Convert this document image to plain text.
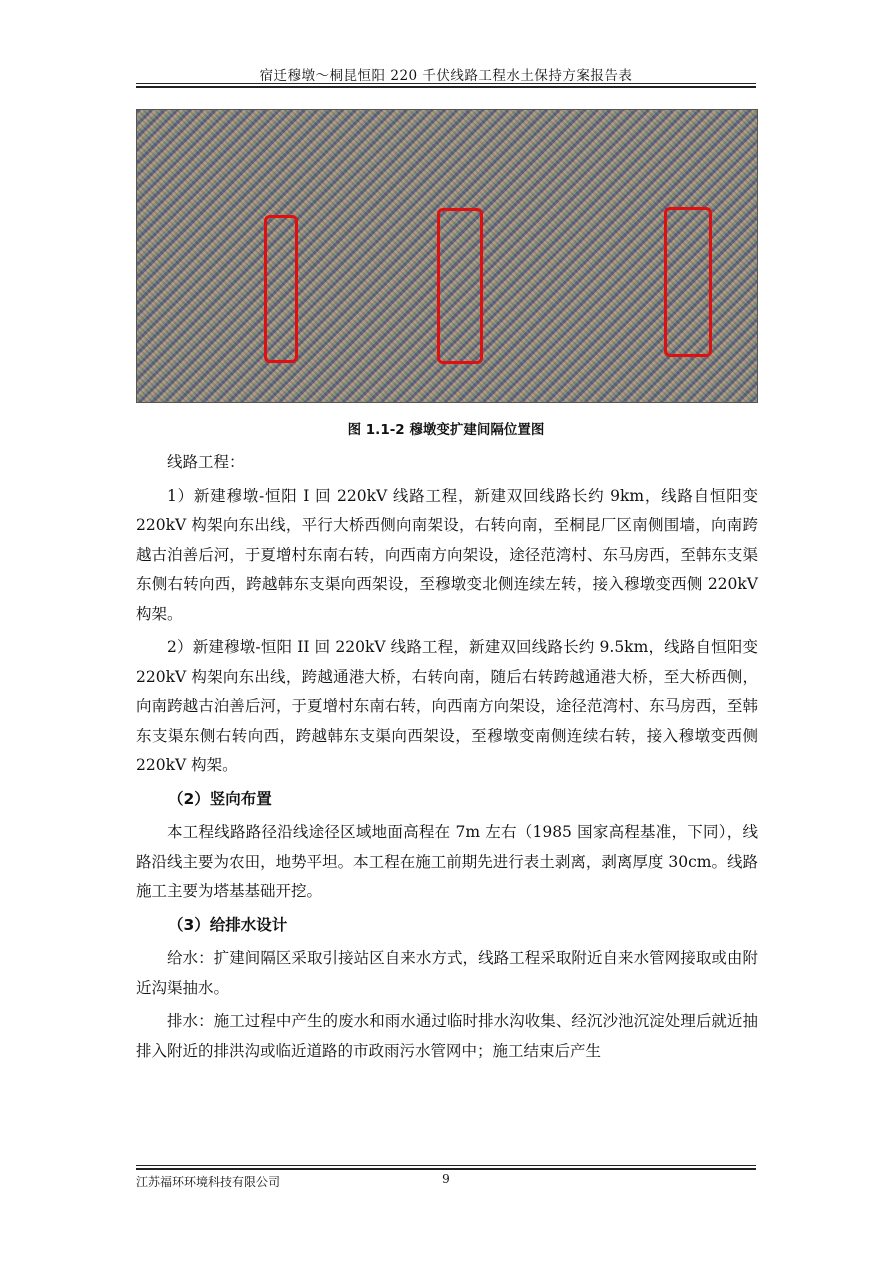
宿迁穆墩～桐昆恒阳 220 千伏线路工程水土保持方案报告表
图 1.1-2 穆墩变扩建间隔位置图

线路工程：

1）新建穆墩-恒阳 I 回 220kV 线路工程，新建双回线路长约 9km，线路自恒阳变 220kV 构架向东出线，平行大桥西侧向南架设，右转向南，至桐昆厂区南侧围墙，向南跨越古泊善后河，于夏增村东南右转，向西南方向架设，途径范湾村、东马房西，至韩东支渠东侧右转向西，跨越韩东支渠向西架设，至穆墩变北侧连续左转，接入穆墩变西侧 220kV 构架。

2）新建穆墩-恒阳 II 回 220kV 线路工程，新建双回线路长约 9.5km，线路自恒阳变 220kV 构架向东出线，跨越通港大桥，右转向南，随后右转跨越通港大桥，至大桥西侧，向南跨越古泊善后河，于夏增村东南右转，向西南方向架设，途径范湾村、东马房西，至韩东支渠东侧右转向西，跨越韩东支渠向西架设，至穆墩变南侧连续右转，接入穆墩变西侧 220kV 构架。

（2）竖向布置

本工程线路路径沿线途径区域地面高程在 7m 左右（1985 国家高程基准，下同），线路沿线主要为农田，地势平坦。本工程在施工前期先进行表土剥离，剥离厚度 30cm。线路施工主要为塔基基础开挖。

（3）给排水设计

给水：扩建间隔区采取引接站区自来水方式，线路工程采取附近自来水管网接取或由附近沟渠抽水。

排水：施工过程中产生的废水和雨水通过临时排水沟收集、经沉沙池沉淀处理后就近抽排入附近的排洪沟或临近道路的市政雨污水管网中；施工结束后产生

江苏福环环境科技有限公司	9
